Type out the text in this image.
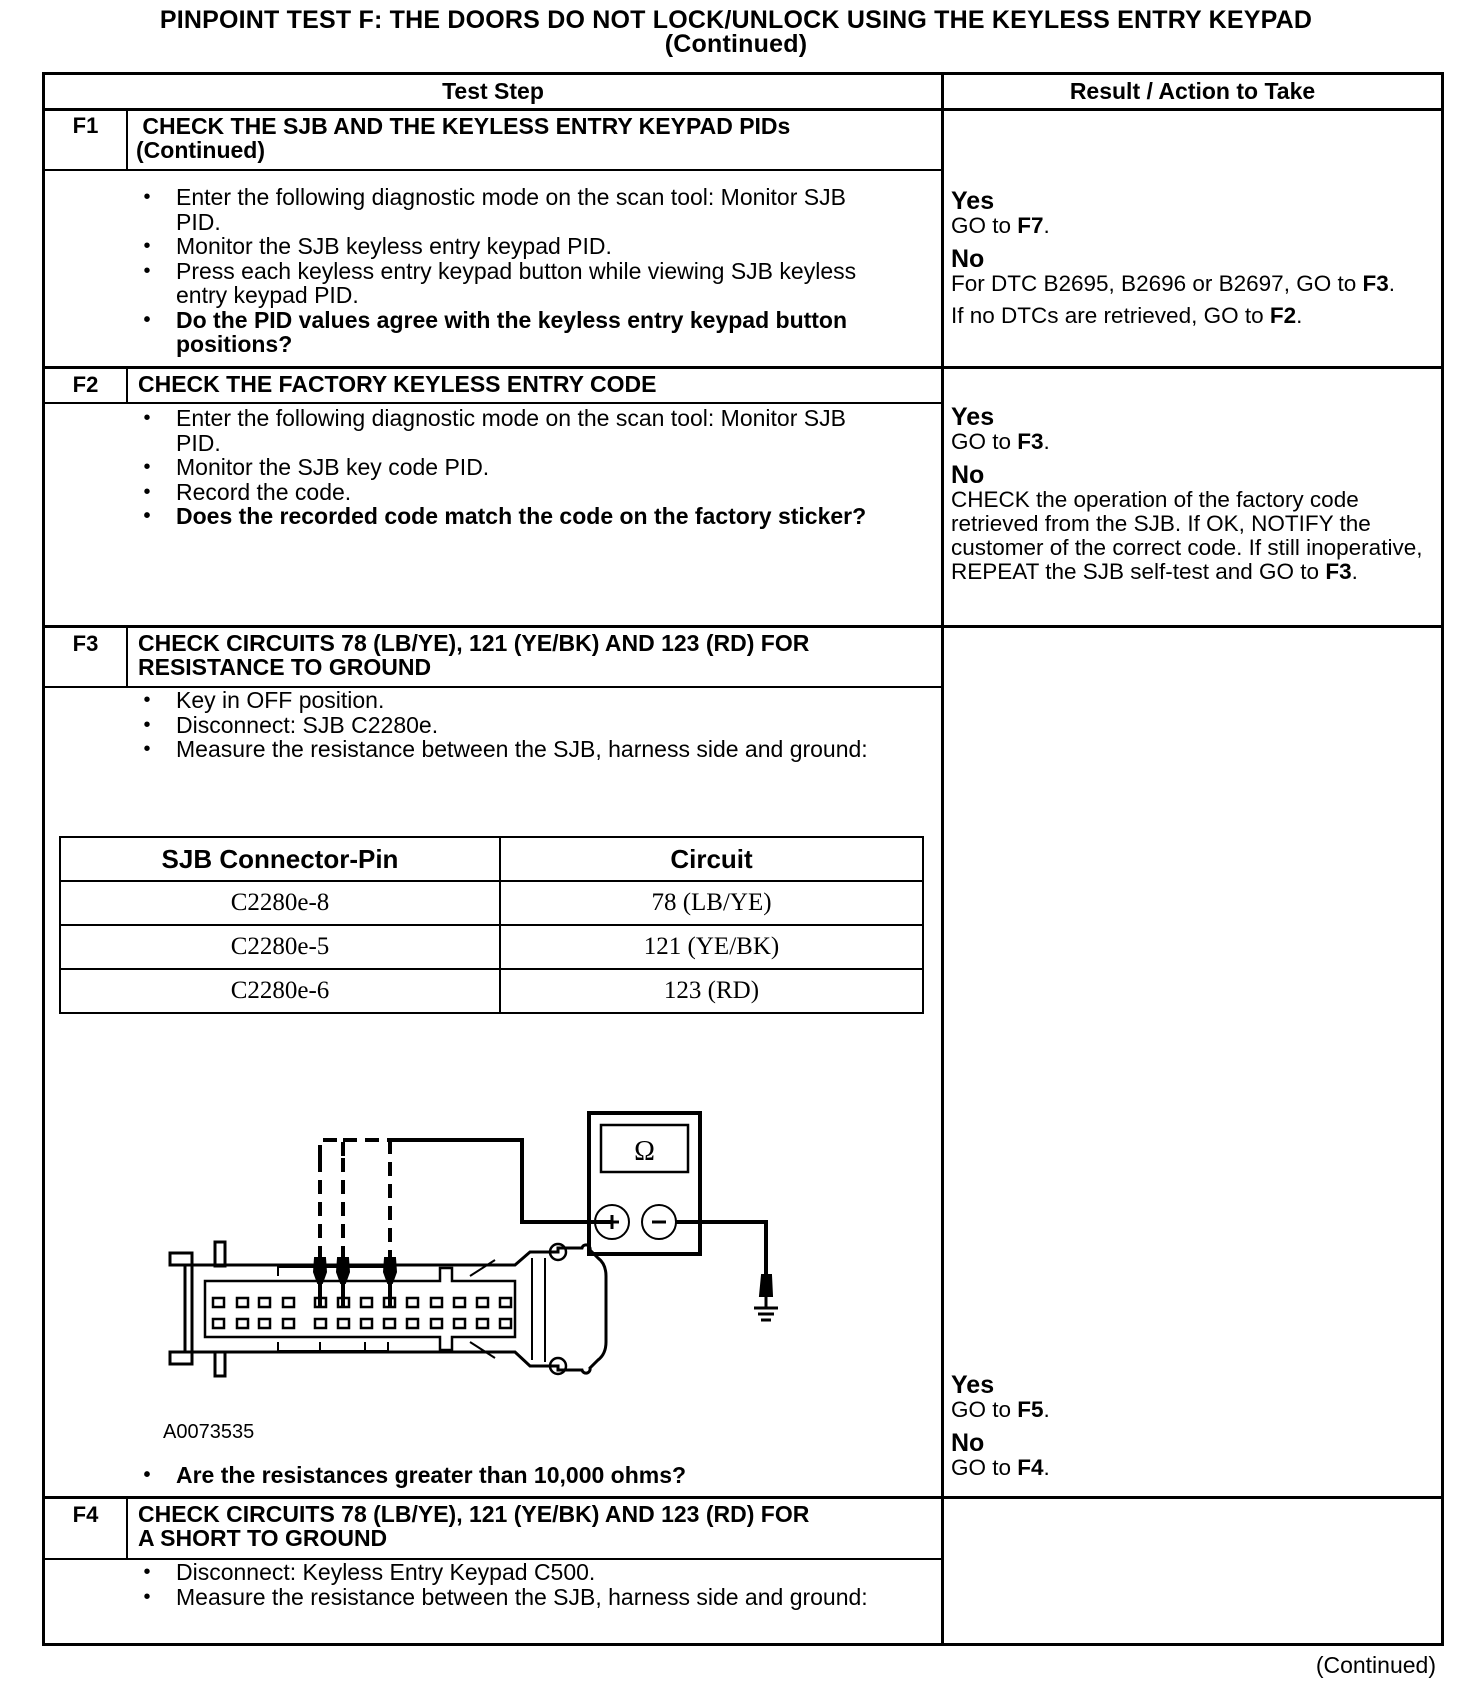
PINPOINT TEST F: THE DOORS DO NOT LOCK/UNLOCK USING THE KEYLESS ENTRY KEYPAD
(Continued)
Test Step	Result / Action to Take
F1	CHECK THE SJB AND THE KEYLESS ENTRY KEYPAD PIDs
(Continued)
• Enter the following diagnostic mode on the scan tool: Monitor SJB PID.
• Monitor the SJB keyless entry keypad PID.
• Press each keyless entry keypad button while viewing SJB keyless entry keypad PID.
• Do the PID values agree with the keyless entry keypad button positions?
Yes
GO to F7.
No
For DTC B2695, B2696 or B2697, GO to F3.
If no DTCs are retrieved, GO to F2.
F2	CHECK THE FACTORY KEYLESS ENTRY CODE
• Enter the following diagnostic mode on the scan tool: Monitor SJB PID.
• Monitor the SJB key code PID.
• Record the code.
• Does the recorded code match the code on the factory sticker?
Yes
GO to F3.
No
CHECK the operation of the factory code retrieved from the SJB. If OK, NOTIFY the customer of the correct code. If still inoperative, REPEAT the SJB self-test and GO to F3.
F3	CHECK CIRCUITS 78 (LB/YE), 121 (YE/BK) AND 123 (RD) FOR
RESISTANCE TO GROUND
• Key in OFF position.
• Disconnect: SJB C2280e.
• Measure the resistance between the SJB, harness side and ground:
SJB Connector-Pin	Circuit
C2280e-8	78 (LB/YE)
C2280e-5	121 (YE/BK)
C2280e-6	123 (RD)
Ω
A0073535
• Are the resistances greater than 10,000 ohms?
Yes
GO to F5.
No
GO to F4.
F4	CHECK CIRCUITS 78 (LB/YE), 121 (YE/BK) AND 123 (RD) FOR
A SHORT TO GROUND
• Disconnect: Keyless Entry Keypad C500.
• Measure the resistance between the SJB, harness side and ground:
(Continued)
